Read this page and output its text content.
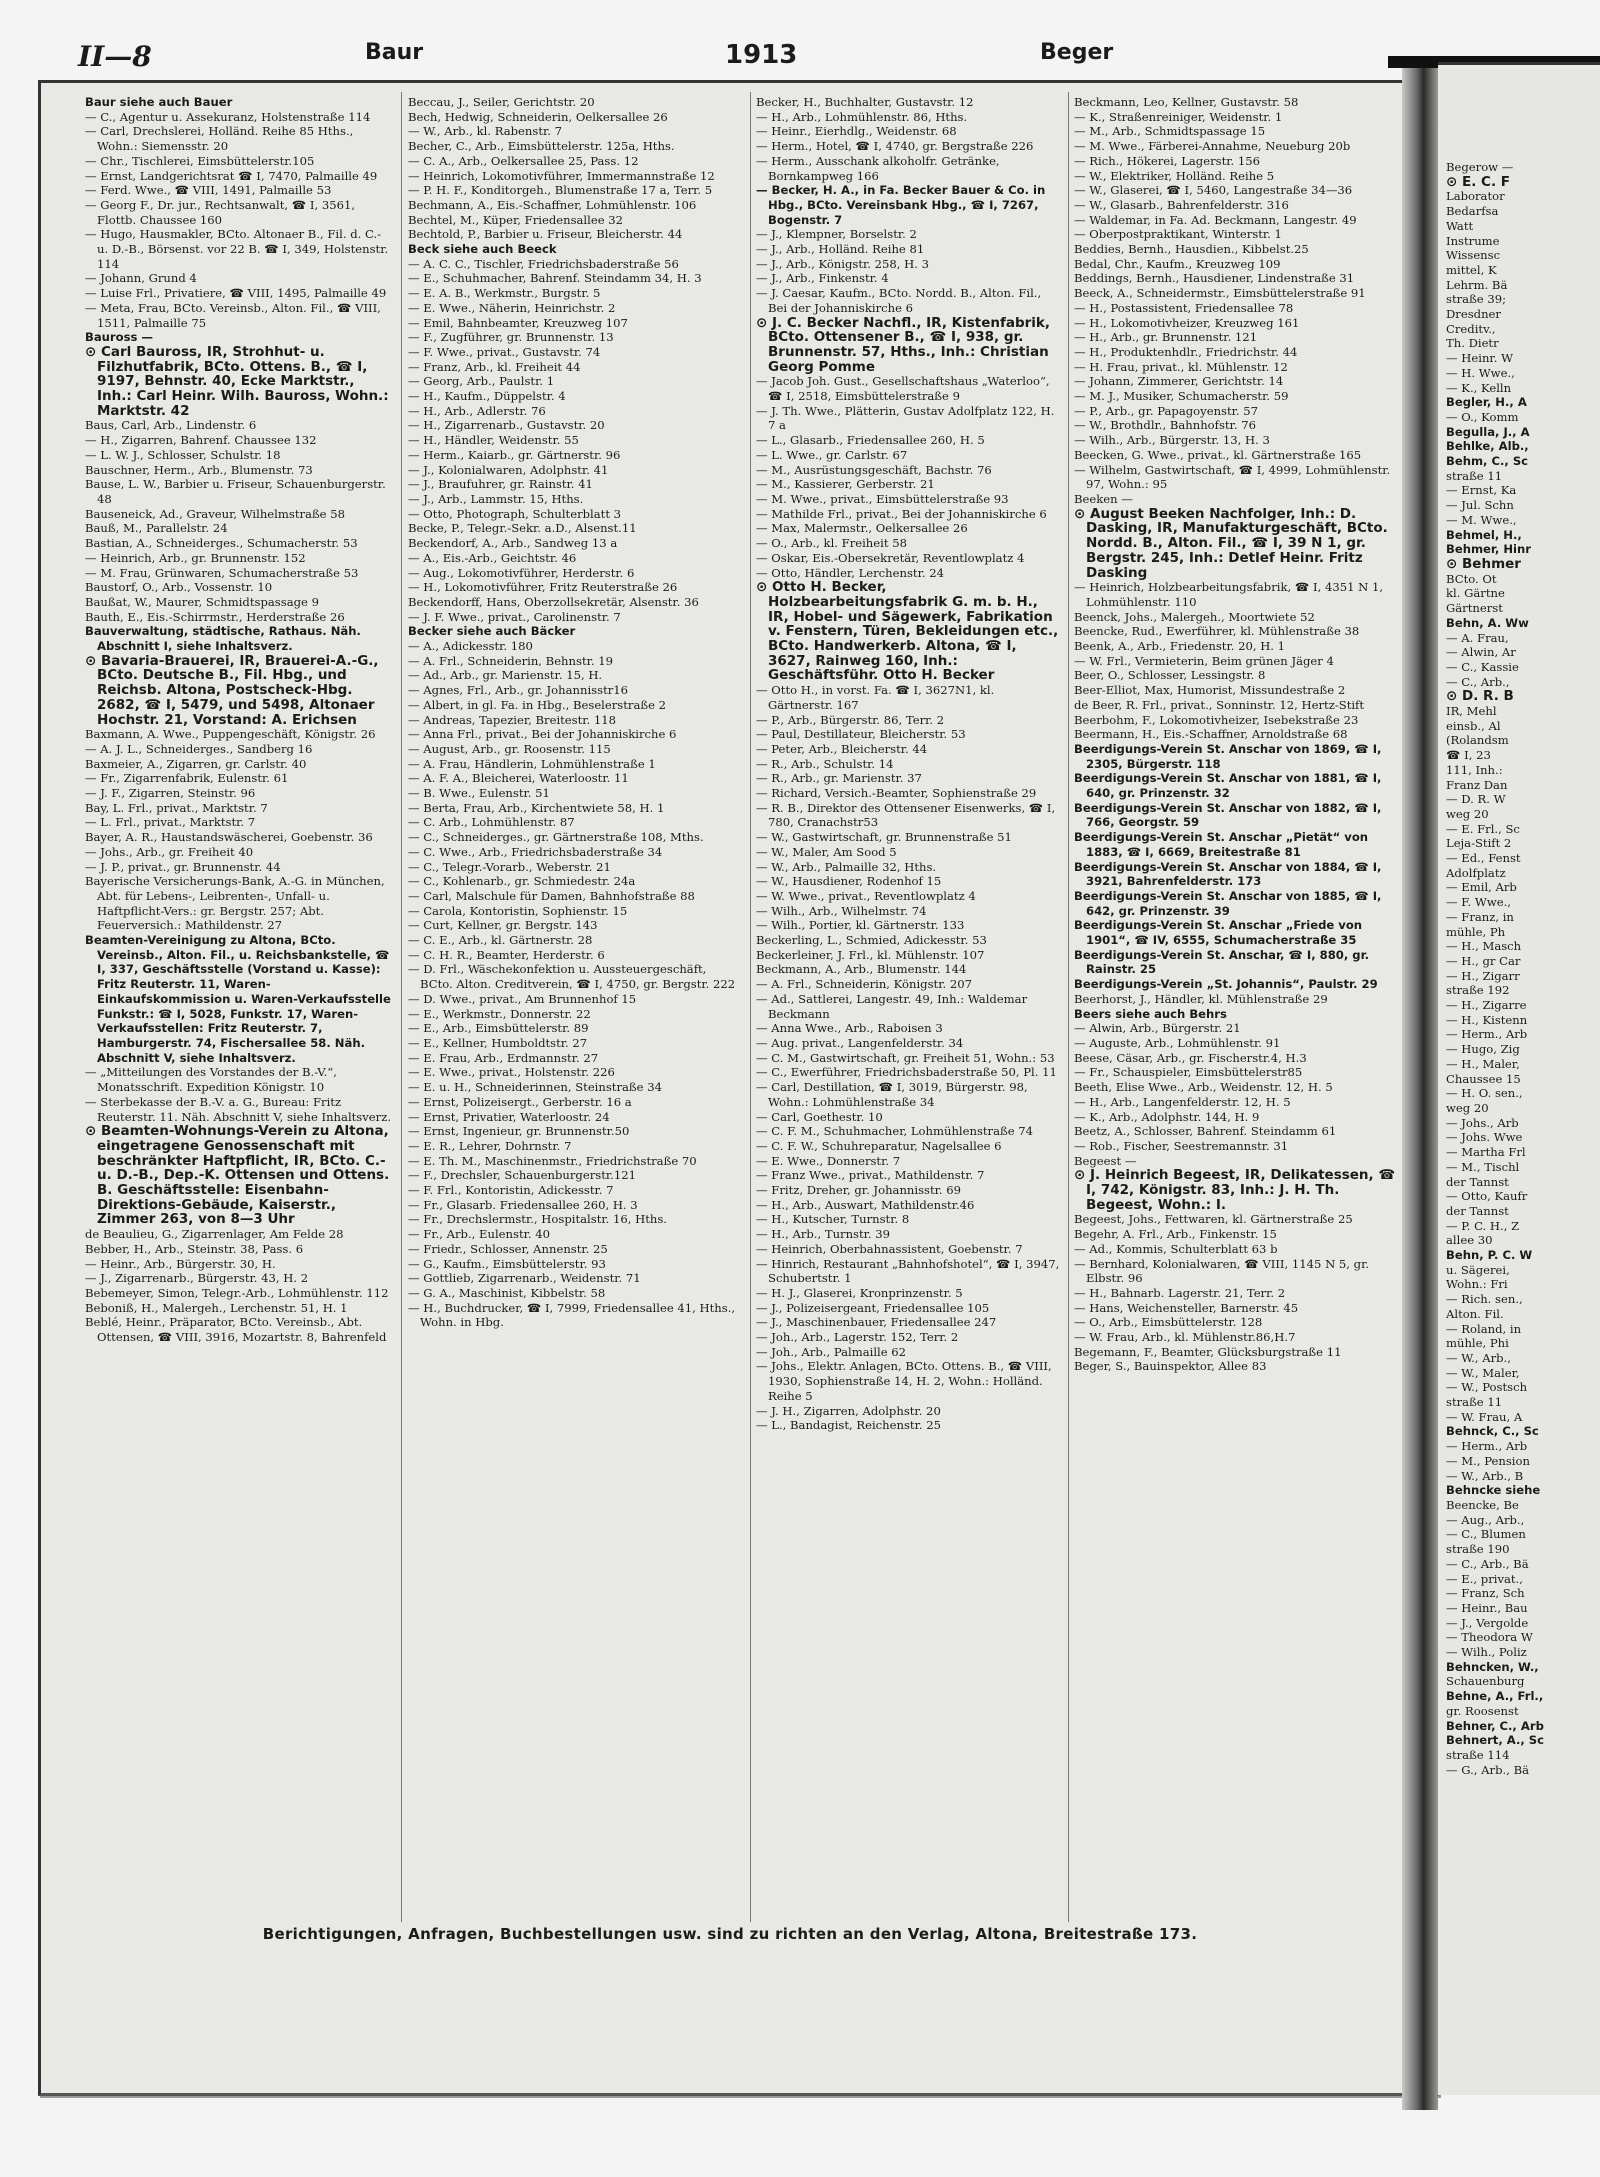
Begerow —

⊙ E. C. F

Laborator

Bedarfsa

Watt

Instrume

Wissensc

mittel, K

Lehrm. Bä

straße 39;

Dresdner

Creditv.,

Th. Dietr

— Heinr. W

— H. Wwe.,

— K., Kelln

Begler, H., A

— O., Komm

Begulla, J., A

Behlke, Alb.,

Behm, C., Sc

straße 11

— Ernst, Ka

— Jul. Schn

— M. Wwe.,

Behmel, H.,

Behmer, Hinr

⊙ Behmer

BCto. Ot

kl. Gärtne

Gärtnerst

Behn, A. Ww

— A. Frau,

— Alwin, Ar

— C., Kassie

— C., Arb.,

⊙ D. R. B

IR, Mehl

einsb., Al

(Rolandsm

☎ I, 23

111, Inh.:

Franz Dan

— D. R. W

weg 20

— E. Frl., Sc

Leja-Stift 2

— Ed., Fenst

Adolfplatz

— Emil, Arb

— F. Wwe.,

— Franz, in

mühle, Ph

— H., Masch

— H., gr Car

— H., Zigarr

straße 192

— H., Zigarre

— H., Kistenn

— Herm., Arb

— Hugo, Zig

— H., Maler,

Chaussee 15

— H. O. sen.,

weg 20

— Johs., Arb

— Johs. Wwe

— Martha Frl

— M., Tischl

der Tannst

— Otto, Kaufr

der Tannst

— P. C. H., Z

allee 30

Behn, P. C. W

u. Sägerei,

Wohn.: Fri

— Rich. sen.,

Alton. Fil.

— Roland, in

mühle, Phi

— W., Arb.,

— W., Maler,

— W., Postsch

straße 11

— W. Frau, A

Behnck, C., Sc

— Herm., Arb

— M., Pension

— W., Arb., B

Behncke siehe

Beencke, Be

— Aug., Arb.,

— C., Blumen

straße 190

— C., Arb., Bä

— E., privat.,

— Franz, Sch

— Heinr., Bau

— J., Vergolde

— Theodora W

— Wilh., Poliz

Behncken, W.,

Schauenburg

Behne, A., Frl.,

gr. Roosenst

Behner, C., Arb

Behnert, A., Sc

straße 114

— G., Arb., Bä

II—8	Baur	1913	Beger

Baur siehe auch Bauer

— C., Agentur u. Assekuranz, Holstenstraße 114

— Carl, Drechslerei, Holländ. Reihe 85 Hths., Wohn.: Siemensstr. 20

— Chr., Tischlerei, Eimsbüttelerstr.105

— Ernst, Landgerichtsrat ☎ I, 7470, Palmaille 49

— Ferd. Wwe., ☎ VIII, 1491, Palmaille 53

— Georg F., Dr. jur., Rechtsanwalt, ☎ I, 3561, Flottb. Chaussee 160

— Hugo, Hausmakler, BCto. Altonaer B., Fil. d. C.- u. D.-B., Börsenst. vor 22 B. ☎ I, 349, Holstenstr. 114

— Johann, Grund 4

— Luise Frl., Privatiere, ☎ VIII, 1495, Palmaille 49

— Meta, Frau, BCto. Vereinsb., Alton. Fil., ☎ VIII, 1511, Palmaille 75

Bauross —

⊙ Carl Bauross, IR, Strohhut- u. Filzhutfabrik, BCto. Ottens. B., ☎ I, 9197, Behnstr. 40, Ecke Marktstr., Inh.: Carl Heinr. Wilh. Bauross, Wohn.: Marktstr. 42

Baus, Carl, Arb., Lindenstr. 6

— H., Zigarren, Bahrenf. Chaussee 132

— L. W. J., Schlosser, Schulstr. 18

Bauschner, Herm., Arb., Blumenstr. 73

Bause, L. W., Barbier u. Friseur, Schauenburgerstr. 48

Bauseneick, Ad., Graveur, Wilhelmstraße 58

Bauß, M., Parallelstr. 24

Bastian, A., Schneiderges., Schumacherstr. 53

— Heinrich, Arb., gr. Brunnenstr. 152

— M. Frau, Grünwaren, Schumacherstraße 53

Baustorf, O., Arb., Vossenstr. 10

Baußat, W., Maurer, Schmidtspassage 9

Bauth, E., Eis.-Schirrmstr., Herderstraße 26

Bauverwaltung, städtische, Rathaus. Näh. Abschnitt I, siehe Inhaltsverz.

⊙ Bavaria-Brauerei, IR, Brauerei-A.-G., BCto. Deutsche B., Fil. Hbg., und Reichsb. Altona, Postscheck-Hbg. 2682, ☎ I, 5479, und 5498, Altonaer Hochstr. 21, Vorstand: A. Erichsen

Baxmann, A. Wwe., Puppengeschäft, Königstr. 26

— A. J. L., Schneiderges., Sandberg 16

Baxmeier, A., Zigarren, gr. Carlstr. 40

— Fr., Zigarrenfabrik, Eulenstr. 61

— J. F., Zigarren, Steinstr. 96

Bay, L. Frl., privat., Marktstr. 7

— L. Frl., privat., Marktstr. 7

Bayer, A. R., Haustandswäscherei, Goebenstr. 36

— Johs., Arb., gr. Freiheit 40

— J. P., privat., gr. Brunnenstr. 44

Bayerische Versicherungs-Bank, A.-G. in München, Abt. für Lebens-, Leibrenten-, Unfall- u. Haftpflicht-Vers.: gr. Bergstr. 257; Abt. Feuerversich.: Mathildenstr. 27

Beamten-Vereinigung zu Altona, BCto. Vereinsb., Alton. Fil., u. Reichsbankstelle, ☎ I, 337, Geschäftsstelle (Vorstand u. Kasse): Fritz Reuterstr. 11, Waren-Einkaufskommission u. Waren-Verkaufsstelle Funkstr.: ☎ I, 5028, Funkstr. 17, Waren-Verkaufsstellen: Fritz Reuterstr. 7, Hamburgerstr. 74, Fischersallee 58. Näh. Abschnitt V, siehe Inhaltsverz.

— „Mitteilungen des Vorstandes der B.-V.“, Monatsschrift. Expedition Königstr. 10

— Sterbekasse der B.-V. a. G., Bureau: Fritz Reuterstr. 11. Näh. Abschnitt V, siehe Inhaltsverz.

⊙ Beamten-Wohnungs-Verein zu Altona, eingetragene Genossenschaft mit beschränkter Haftpflicht, IR, BCto. C.- u. D.-B., Dep.-K. Ottensen und Ottens. B. Geschäftsstelle: Eisenbahn-Direktions-Gebäude, Kaiserstr., Zimmer 263, von 8—3 Uhr

de Beaulieu, G., Zigarrenlager, Am Felde 28

Bebber, H., Arb., Steinstr. 38, Pass. 6

— Heinr., Arb., Bürgerstr. 30, H.

— J., Zigarrenarb., Bürgerstr. 43, H. 2

Bebemeyer, Simon, Telegr.-Arb., Lohmühlenstr. 112

Beboniß, H., Malergeh., Lerchenstr. 51, H. 1

Beblé, Heinr., Präparator, BCto. Vereinsb., Abt. Ottensen, ☎ VIII, 3916, Mozartstr. 8, Bahrenfeld

Beccau, J., Seiler, Gerichtstr. 20

Bech, Hedwig, Schneiderin, Oelkersallee 26

— W., Arb., kl. Rabenstr. 7

Becher, C., Arb., Eimsbüttelerstr. 125a, Hths.

— C. A., Arb., Oelkersallee 25, Pass. 12

— Heinrich, Lokomotivführer, Immermannstraße 12

— P. H. F., Konditorgeh., Blumenstraße 17 a, Terr. 5

Bechmann, A., Eis.-Schaffner, Lohmühlenstr. 106

Bechtel, M., Küper, Friedensallee 32

Bechtold, P., Barbier u. Friseur, Bleicherstr. 44

Beck siehe auch Beeck

— A. C. C., Tischler, Friedrichsbaderstraße 56

— E., Schuhmacher, Bahrenf. Steindamm 34, H. 3

— E. A. B., Werkmstr., Burgstr. 5

— E. Wwe., Näherin, Heinrichstr. 2

— Emil, Bahnbeamter, Kreuzweg 107

— F., Zugführer, gr. Brunnenstr. 13

— F. Wwe., privat., Gustavstr. 74

— Franz, Arb., kl. Freiheit 44

— Georg, Arb., Paulstr. 1

— H., Kaufm., Düppelstr. 4

— H., Arb., Adlerstr. 76

— H., Zigarrenarb., Gustavstr. 20

— H., Händler, Weidenstr. 55

— Herm., Kaiarb., gr. Gärtnerstr. 96

— J., Kolonialwaren, Adolphstr. 41

— J., Braufuhrer, gr. Rainstr. 41

— J., Arb., Lammstr. 15, Hths.

— Otto, Photograph, Schulterblatt 3

Becke, P., Telegr.-Sekr. a.D., Alsenst.11

Beckendorf, A., Arb., Sandweg 13 a

— A., Eis.-Arb., Geichtstr. 46

— Aug., Lokomotivführer, Herderstr. 6

— H., Lokomotivführer, Fritz Reuterstraße 26

Beckendorff, Hans, Oberzollsekretär, Alsenstr. 36

— J. F. Wwe., privat., Carolinenstr. 7

Becker siehe auch Bäcker

— A., Adickesstr. 180

— A. Frl., Schneiderin, Behnstr. 19

— Ad., Arb., gr. Marienstr. 15, H.

— Agnes, Frl., Arb., gr. Johannisstr16

— Albert, in gl. Fa. in Hbg., Beselerstraße 2

— Andreas, Tapezier, Breitestr. 118

— Anna Frl., privat., Bei der Johanniskirche 6

— August, Arb., gr. Roosenstr. 115

— A. Frau, Händlerin, Lohmühlenstraße 1

— A. F. A., Bleicherei, Waterloostr. 11

— B. Wwe., Eulenstr. 51

— Berta, Frau, Arb., Kirchentwiete 58, H. 1

— C. Arb., Lohmühlenstr. 87

— C., Schneiderges., gr. Gärtnerstraße 108, Mths.

— C. Wwe., Arb., Friedrichsbaderstraße 34

— C., Telegr.-Vorarb., Weberstr. 21

— C., Kohlenarb., gr. Schmiedestr. 24a

— Carl, Malschule für Damen, Bahnhofstraße 88

— Carola, Kontoristin, Sophienstr. 15

— Curt, Kellner, gr. Bergstr. 143

— C. E., Arb., kl. Gärtnerstr. 28

— C. H. R., Beamter, Herderstr. 6

— D. Frl., Wäschekonfektion u. Aussteuergeschäft, BCto. Alton. Creditverein, ☎ I, 4750, gr. Bergstr. 222

— D. Wwe., privat., Am Brunnenhof 15

— E., Werkmstr., Donnerstr. 22

— E., Arb., Eimsbüttelerstr. 89

— E., Kellner, Humboldtstr. 27

— E. Frau, Arb., Erdmannstr. 27

— E. Wwe., privat., Holstenstr. 226

— E. u. H., Schneiderinnen, Steinstraße 34

— Ernst, Polizeisergt., Gerberstr. 16 a

— Ernst, Privatier, Waterloostr. 24

— Ernst, Ingenieur, gr. Brunnenstr.50

— E. R., Lehrer, Dohrnstr. 7

— E. Th. M., Maschinenmstr., Friedrichstraße 70

— F., Drechsler, Schauenburgerstr.121

— F. Frl., Kontoristin, Adickesstr. 7

— Fr., Glasarb. Friedensallee 260, H. 3

— Fr., Drechslermstr., Hospitalstr. 16, Hths.

— Fr., Arb., Eulenstr. 40

— Friedr., Schlosser, Annenstr. 25

— G., Kaufm., Eimsbüttelerstr. 93

— Gottlieb, Zigarrenarb., Weidenstr. 71

— G. A., Maschinist, Kibbelstr. 58

— H., Buchdrucker, ☎ I, 7999, Friedensallee 41, Hths., Wohn. in Hbg.

Becker, H., Buchhalter, Gustavstr. 12

— H., Arb., Lohmühlenstr. 86, Hths.

— Heinr., Eierhdlg., Weidenstr. 68

— Herm., Hotel, ☎ I, 4740, gr. Bergstraße 226

— Herm., Ausschank alkoholfr. Getränke, Bornkampweg 166

— Becker, H. A., in Fa. Becker Bauer & Co. in Hbg., BCto. Vereinsbank Hbg., ☎ I, 7267, Bogenstr. 7

— J., Klempner, Borselstr. 2

— J., Arb., Holländ. Reihe 81

— J., Arb., Königstr. 258, H. 3

— J., Arb., Finkenstr. 4

— J. Caesar, Kaufm., BCto. Nordd. B., Alton. Fil., Bei der Johanniskirche 6

⊙ J. C. Becker Nachfl., IR, Kistenfabrik, BCto. Ottensener B., ☎ I, 938, gr. Brunnenstr. 57, Hths., Inh.: Christian Georg Pomme

— Jacob Joh. Gust., Gesellschaftshaus „Waterloo“, ☎ I, 2518, Eimsbüttelerstraße 9

— J. Th. Wwe., Plätterin, Gustav Adolfplatz 122, H. 7 a

— L., Glasarb., Friedensallee 260, H. 5

— L. Wwe., gr. Carlstr. 67

— M., Ausrüstungsgeschäft, Bachstr. 76

— M., Kassierer, Gerberstr. 21

— M. Wwe., privat., Eimsbüttelerstraße 93

— Mathilde Frl., privat., Bei der Johanniskirche 6

— Max, Malermstr., Oelkersallee 26

— O., Arb., kl. Freiheit 58

— Oskar, Eis.-Obersekretär, Reventlowplatz 4

— Otto, Händler, Lerchenstr. 24

⊙ Otto H. Becker, Holzbearbeitungsfabrik G. m. b. H., IR, Hobel- und Sägewerk, Fabrikation v. Fenstern, Türen, Bekleidungen etc., BCto. Handwerkerb. Altona, ☎ I, 3627, Rainweg 160, Inh.: Geschäftsführ. Otto H. Becker

— Otto H., in vorst. Fa. ☎ I, 3627N1, kl. Gärtnerstr. 167

— P., Arb., Bürgerstr. 86, Terr. 2

— Paul, Destillateur, Bleicherstr. 53

— Peter, Arb., Bleicherstr. 44

— R., Arb., Schulstr. 14

— R., Arb., gr. Marienstr. 37

— Richard, Versich.-Beamter, Sophienstraße 29

— R. B., Direktor des Ottensener Eisenwerks, ☎ I, 780, Cranachstr53

— W., Gastwirtschaft, gr. Brunnenstraße 51

— W., Maler, Am Sood 5

— W., Arb., Palmaille 32, Hths.

— W., Hausdiener, Rodenhof 15

— W. Wwe., privat., Reventlowplatz 4

— Wilh., Arb., Wilhelmstr. 74

— Wilh., Portier, kl. Gärtnerstr. 133

Beckerling, L., Schmied, Adickesstr. 53

Beckerleiner, J. Frl., kl. Mühlenstr. 107

Beckmann, A., Arb., Blumenstr. 144

— A. Frl., Schneiderin, Königstr. 207

— Ad., Sattlerei, Langestr. 49, Inh.: Waldemar Beckmann

— Anna Wwe., Arb., Raboisen 3

— Aug. privat., Langenfelderstr. 34

— C. M., Gastwirtschaft, gr. Freiheit 51, Wohn.: 53

— C., Ewerführer, Friedrichsbaderstraße 50, Pl. 11

— Carl, Destillation, ☎ I, 3019, Bürgerstr. 98, Wohn.: Lohmühlenstraße 34

— Carl, Goethestr. 10

— C. F. M., Schuhmacher, Lohmühlenstraße 74

— C. F. W., Schuhreparatur, Nagelsallee 6

— E. Wwe., Donnerstr. 7

— Franz Wwe., privat., Mathildenstr. 7

— Fritz, Dreher, gr. Johannisstr. 69

— H., Arb., Auswart, Mathildenstr.46

— H., Kutscher, Turnstr. 8

— H., Arb., Turnstr. 39

— Heinrich, Oberbahnassistent, Goebenstr. 7

— Hinrich, Restaurant „Bahnhofshotel“, ☎ I, 3947, Schubertstr. 1

— H. J., Glaserei, Kronprinzenstr. 5

— J., Polizeisergeant, Friedensallee 105

— J., Maschinenbauer, Friedensallee 247

— Joh., Arb., Lagerstr. 152, Terr. 2

— Joh., Arb., Palmaille 62

— Johs., Elektr. Anlagen, BCto. Ottens. B., ☎ VIII, 1930, Sophienstraße 14, H. 2, Wohn.: Holländ. Reihe 5

— J. H., Zigarren, Adolphstr. 20

— L., Bandagist, Reichenstr. 25

Beckmann, Leo, Kellner, Gustavstr. 58

— K., Straßenreiniger, Weidenstr. 1

— M., Arb., Schmidtspassage 15

— M. Wwe., Färberei-Annahme, Neueburg 20b

— Rich., Hökerei, Lagerstr. 156

— W., Elektriker, Holländ. Reihe 5

— W., Glaserei, ☎ I, 5460, Langestraße 34—36

— W., Glasarb., Bahrenfelderstr. 316

— Waldemar, in Fa. Ad. Beckmann, Langestr. 49

— Oberpostpraktikant, Winterstr. 1

Beddies, Bernh., Hausdien., Kibbelst.25

Bedal, Chr., Kaufm., Kreuzweg 109

Beddings, Bernh., Hausdiener, Lindenstraße 31

Beeck, A., Schneidermstr., Eimsbüttelerstraße 91

— H., Postassistent, Friedensallee 78

— H., Lokomotivheizer, Kreuzweg 161

— H., Arb., gr. Brunnenstr. 121

— H., Produktenhdlr., Friedrichstr. 44

— H. Frau, privat., kl. Mühlenstr. 12

— Johann, Zimmerer, Gerichtstr. 14

— M. J., Musiker, Schumacherstr. 59

— P., Arb., gr. Papagoyenstr. 57

— W., Brothdlr., Bahnhofstr. 76

— Wilh., Arb., Bürgerstr. 13, H. 3

Beecken, G. Wwe., privat., kl. Gärtnerstraße 165

— Wilhelm, Gastwirtschaft, ☎ I, 4999, Lohmühlenstr. 97, Wohn.: 95

Beeken —

⊙ August Beeken Nachfolger, Inh.: D. Dasking, IR, Manufakturgeschäft, BCto. Nordd. B., Alton. Fil., ☎ I, 39 N 1, gr. Bergstr. 245, Inh.: Detlef Heinr. Fritz Dasking

— Heinrich, Holzbearbeitungsfabrik, ☎ I, 4351 N 1, Lohmühlenstr. 110

Beenck, Johs., Malergeh., Moortwiete 52

Beencke, Rud., Ewerführer, kl. Mühlenstraße 38

Beenk, A., Arb., Friedenstr. 20, H. 1

— W. Frl., Vermieterin, Beim grünen Jäger 4

Beer, O., Schlosser, Lessingstr. 8

Beer-Elliot, Max, Humorist, Missundestraße 2

de Beer, R. Frl., privat., Sonninstr. 12, Hertz-Stift

Beerbohm, F., Lokomotivheizer, Isebekstraße 23

Beermann, H., Eis.-Schaffner, Arnoldstraße 68

Beerdigungs-Verein St. Anschar von 1869, ☎ I, 2305, Bürgerstr. 118

Beerdigungs-Verein St. Anschar von 1881, ☎ I, 640, gr. Prinzenstr. 32

Beerdigungs-Verein St. Anschar von 1882, ☎ I, 766, Georgstr. 59

Beerdigungs-Verein St. Anschar „Pietät“ von 1883, ☎ I, 6669, Breitestraße 81

Beerdigungs-Verein St. Anschar von 1884, ☎ I, 3921, Bahrenfelderstr. 173

Beerdigungs-Verein St. Anschar von 1885, ☎ I, 642, gr. Prinzenstr. 39

Beerdigungs-Verein St. Anschar „Friede von 1901“, ☎ IV, 6555, Schumacherstraße 35

Beerdigungs-Verein St. Anschar, ☎ I, 880, gr. Rainstr. 25

Beerdigungs-Verein „St. Johannis“, Paulstr. 29

Beerhorst, J., Händler, kl. Mühlenstraße 29

Beers siehe auch Behrs

— Alwin, Arb., Bürgerstr. 21

— Auguste, Arb., Lohmühlenstr. 91

Beese, Cäsar, Arb., gr. Fischerstr.4, H.3

— Fr., Schauspieler, Eimsbüttelerstr85

Beeth, Elise Wwe., Arb., Weidenstr. 12, H. 5

— H., Arb., Langenfelderstr. 12, H. 5

— K., Arb., Adolphstr. 144, H. 9

Beetz, A., Schlosser, Bahrenf. Steindamm 61

— Rob., Fischer, Seestremannstr. 31

Begeest —

⊙ J. Heinrich Begeest, IR, Delikatessen, ☎ I, 742, Königstr. 83, Inh.: J. H. Th. Begeest, Wohn.: I.

Begeest, Johs., Fettwaren, kl. Gärtnerstraße 25

Begehr, A. Frl., Arb., Finkenstr. 15

— Ad., Kommis, Schulterblatt 63 b

— Bernhard, Kolonialwaren, ☎ VIII, 1145 N 5, gr. Elbstr. 96

— H., Bahnarb. Lagerstr. 21, Terr. 2

— Hans, Weichensteller, Barnerstr. 45

— O., Arb., Eimsbüttelerstr. 128

— W. Frau, Arb., kl. Mühlenstr.86,H.7

Begemann, F., Beamter, Glücksburgstraße 11

Beger, S., Bauinspektor, Allee 83

Berichtigungen, Anfragen, Buchbestellungen usw. sind zu richten an den Verlag, Altona, Breitestraße 173.
